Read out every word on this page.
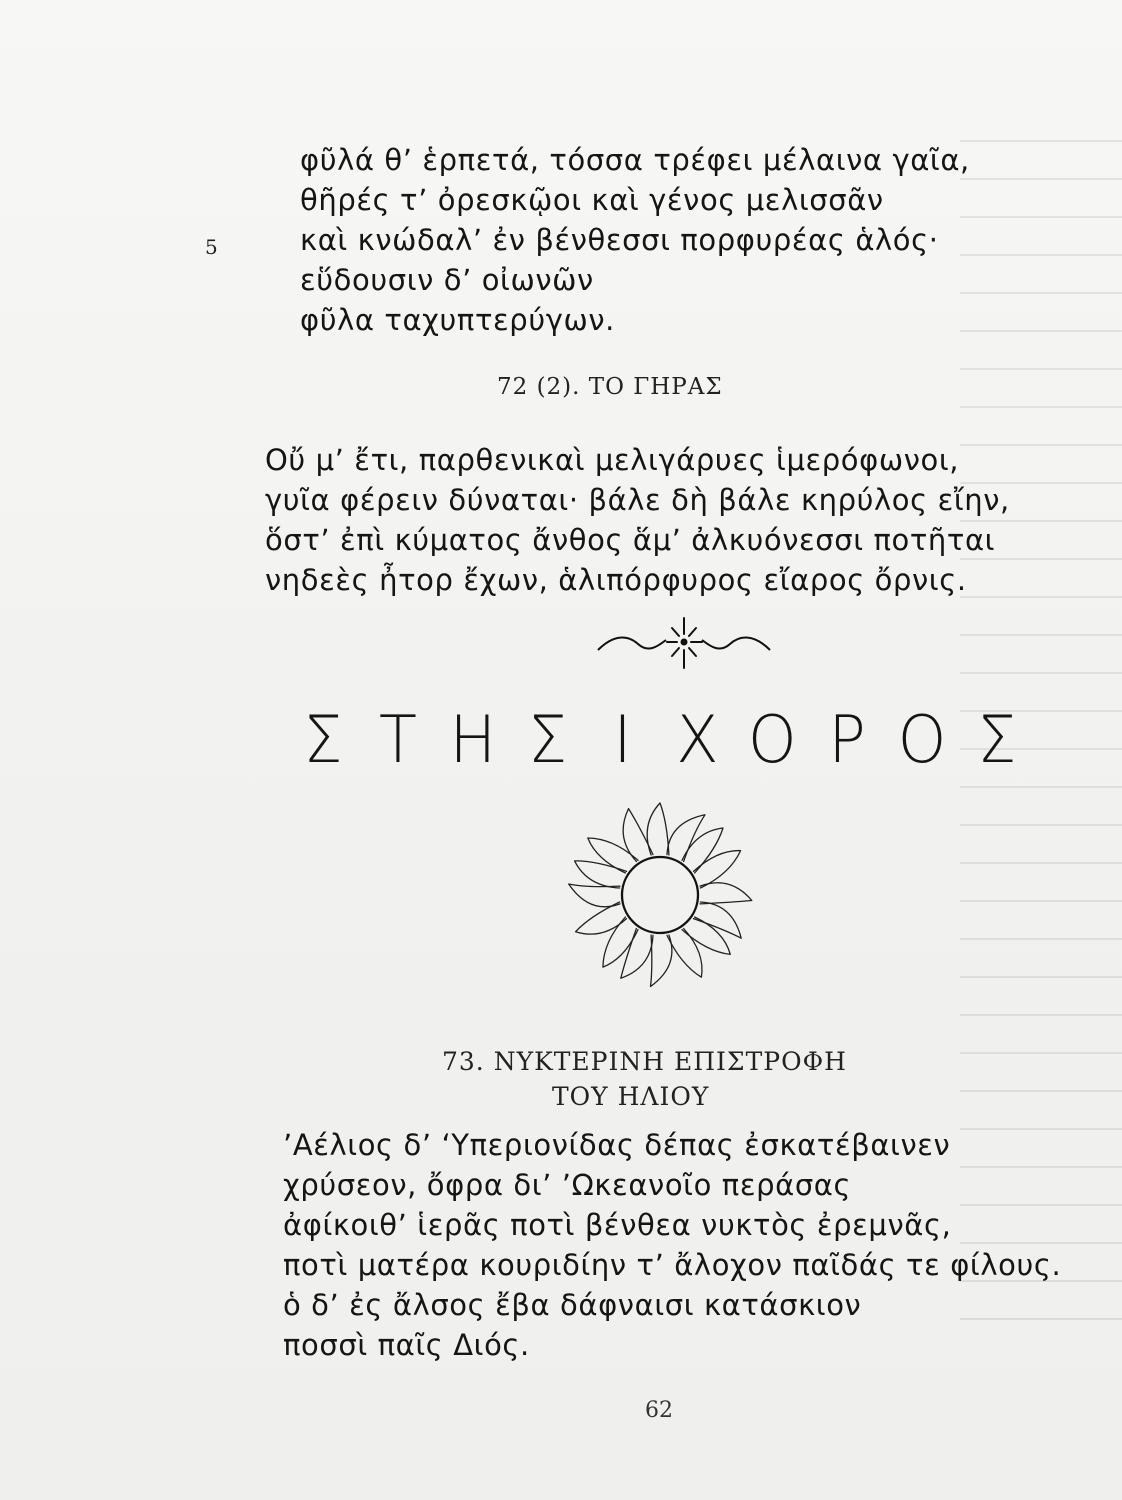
φῦλά θ’ ἑρπετά, τόσσα τρέφει μέλαινα γαῖα,
θῆρές τ’ ὀρεσκῷοι καὶ γένος μελισσᾶν
καὶ κνώδαλ’ ἐν βένθεσσι πορφυρέας ἁλός·
εὕδουσιν δ’ οἰωνῶν
φῦλα ταχυπτερύγων.
5
72 (2). ΤΟ ΓΗΡΑΣ
Οὔ μ’ ἔτι, παρθενικαὶ μελιγάρυες ἱμερόφωνοι,
γυῖα φέρειν δύναται· βάλε δὴ βάλε κηρύλος εἴην,
ὅστ’ ἐπὶ κύματος ἄνθος ἅμ’ ἀλκυόνεσσι ποτῆται
νηδεὲς ἦτορ ἔχων, ἁλιπόρφυρος εἴαρος ὄρνις.
Σ Τ Η Σ Ι Χ Ο Ρ Ο Σ
73. ΝΥΚΤΕΡΙΝΗ ΕΠΙΣΤΡΟΦΗ
ΤΟΥ ΗΛΙΟΥ
’Αέλιος δ’ ‘Υπεριονίδας δέπας ἐσκατέβαινεν
χρύσεον, ὄφρα δι’ ’Ωκεανοῖο περάσας
ἀφίκοιθ’ ἱερᾶς ποτὶ βένθεα νυκτὸς ἐρεμνᾶς,
ποτὶ ματέρα κουριδίην τ’ ἄλοχον παῖδάς τε φίλους.
ὁ δ’ ἐς ἄλσος ἔβα δάφναισι κατάσκιον
ποσσὶ παῖς Διός.
62
